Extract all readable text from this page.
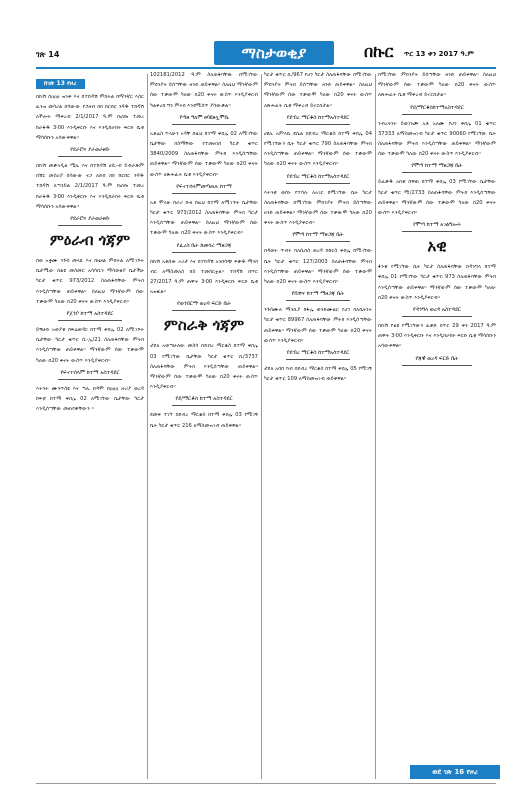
ገጽ 14	ማስታወቂያ	በኩር ጥር 13 ቀን 2017 ዓ.ም
ከገጽ 13 የዞረ

በኩሽ በዐዐዐ ዝንቅ እና በተከዳሽ ምክትል ከማንኛር እስር ፈንዝ መሳሪል በሳውው የጋዘብ ክክ ከርበር ንዳዱ ተከዳሽ ለችሎት ማቅረብ 2/1/2017 ዓ.ም በሆጡ ተመረ ከራፋዱ 3፡00 እንዲቀርቡ እና እንዲከራከሩ ፍርድ ቤቱ ማሳሰቡን አሳውቀዋል፡፡

የደራሮና ያራወራፀቡ

በኩሽ መቃላዲል ሜሊ እና በተከዳሽ ሀሲ-ብ ይብራጽም በሽር መስሪያ በሳውው ናጋ ለድበ ክክ ከርበር ንዳዱ ተከዳሽ ለጣንይል 2/1/2017 ዓ.ም በሆጡ ተመረ ከራፋዱ 3፡00 እንዲቀርቡ እና እንዲከራከሩ ፍርድ ቤቱ ማሳሰቡን አሳውቀዋል፡፡

የደራሮና ያራወራፀቡ
ምዕራብ ጎጃም

በወ አቋሙ ንጉስ መላዬ እና በዜናል ምክትል ለሚገኙት ቤታሚው በልዩ መስመር አሳሳቢን ማሳወቂያ ቤታችሁ ካርታ ቁጥር 973/2012 ስለጠፋባቸው ምትክ እንዲሰጣቸው ጠይቀዋል፡፡ ስለዚህ ማንኛውም ሰው ተቃውሞ ካለው በ20 ቀናት ውስጥ እንዲያቀርብ፡፡

የጀንቦ ከተማ አስተዳደር

ይኝሁድ አወያቱ በፍሬወዳር ከተማ ቀበሌ 02 ለሚገኙት ቤታቸው ካርታ ቁጥር ሲ-ኢ/21 ስለጠፋባቸው ምትክ እንዲሰጣቸው ጠይቀዋል፡፡ ማንኛውም ሰው ተቃውሞ ካለው በ20 ቀናት ውስጥ እንዲያቀርብ፡፡

የፍኖተሰላም ከተማ አስተዳደር

እትንት ሙንጥስዩ እና ጣሊ በዳሞ በዐዐዐ ዙሪያ ወረዳ ከፍቲ ከተማ ቀበሌ 02 ለሚገኘው ቤታቸው ካርታ እንዲሰጣቸው መጠየቃቸውን ፡፡

102181/2012 ዓ.ም ስለጠፋባቸው በሚገኘው ምክንያት ይሰጣቸው ዘንድ ጠይቀዋል፡፡ ስለዚህ ማንኛውም ሰው ተቃውሞ ካለው በ20 ቀናት ውስጥ እንዲያቀርብ ካልቀረበ ግን ምትክ እንደሚሰጥ ያሳውቃል፡፡

የጣዘ ዓለም ፀባዩፀሏሞቤ

አቶሬስ ጥላሁን ኦዳቸ በዚህ ከተማ ቀበሌ 02 ለሚገኘው ቤታቸው በስማቸው የተመዘገበ ካርታ ቁጥር 3840/2009 ስለጠፋባቸው ምትክ እንዲሰጣቸው ጠይቀዋል፡፡ ማንኛውም ሰው ተቃውሞ ካለው በ20 ቀናት ውስጥ ለጽሕፈት ቤቱ እንዲያቀርብ፡፡

የፍኖተሰላምመጣጠሉ ከተማ

አቶ ሞላሁ በራሪ ቡዘ በዚህ ከተማ ለሚገኙት ቤታቸው ካርታ ቁጥር 973/2012 ስለጠፋባቸው ምትክ ካርታ እንዲሰጣቸው ጠይቀዋል፡፡ ስለዚህ ማንኛውም ሰው ተቃውሞ ካለው በ20 ቀናት ውስጥ እንዲያቀርብ፡፡

የፈረስ ቤት ከመሳሪ ማዘጋጃ

በኩሽ አቶሰው ኦሪታ እና በተከዳሽ አንበሳጭ ፍቃዱ ማንክ ብር ለማስመለስ ክስ ተመስርቷል፡፡ ተከዳሽ በጥር 27/2017 ዓ.ም ጠዋት 3፡00 እንዲቀርቡ ፍርድ ቤቱ አዝዟል፡፡

የወንበርማ ወረዳ ፍርድ ቤት
ምስራቅ ጎጃም

ታደለ አወጣሁለው መስሳ በደብረ ማርቆስ ከተማ ቀበሌ 03 የሚገኘው ቤታቸው ካርታ ቁጥር ኪ/3737 ስለጠፋባቸው ምትክ እንዲሰጣቸው ጠይቀዋል፡፡ ማንኛውም ሰው ተቃውሞ ካለው በ20 ቀናት ውስጥ እንዲያቀርብ፡፡

የደ/ማርቆስ ከተማ አስተዳደር

ደመቀ ተገኘ በደብረ ማርቆስ ከተማ ቀበሌ 03 የሚገኝ ቤት ካርታ ቁጥር 216 ለማስመዝገብ ጠይቀዋል፡፡

ካርታ ቁጥር ኪ/967 የሆነ ካርታ ስለጠፋባቸው በሚገኘው ምክንያት ምትክ ይሰጣቸው ዘንድ ጠይቀዋል፡፡ ስለዚህ ማንኛውም ሰው ተቃውሞ ካለው በ20 ቀናት ውስጥ ለጽሕፈት ቤቱ ማቅረብ ይኖርበታል፡፡

የደብረ ማርቆስ ከተማአስተዳደር

ሀዩሊ አምላኬ ደሴል በደብረ ማርቆስ ከተማ ቀበሌ 04 የሚገኘውን ቤት ካርታ ቁጥር 790 ስለጠፋባቸው ምትክ እንዲሰጣቸው ጠይቀዋል፡፡ ማንኛውም ሰው ተቃውሞ ካለው በ20 ቀናት ውስጥ እንዲያቀርብ፡፡

የደብረ ማርቆስ ከተማአስተዳደር

እትንቱ ወሰኑ የተሳሉ ለአገር ከሚገኘው ቤት ካርታ ስለጠፋባቸው በሚገኘው ምክንያት ምትክ ይሰጣቸው ዘንድ ጠይቀዋል፡፡ ማንኛውም ሰው ተቃውሞ ካለው በ20 ቀናት ውስጥ እንዲያቀርብ፡፡

የሞጣ ከተማ ማዘጋጃ ቤት

በዳወት ጥብሩ ባለሲበስ ወረዳ በከርስ ቀበሌ ከሚገኘው ቤት ካርታ ቁጥር 127/2003 ስለጠፋባቸው ምትክ እንዲሰጣቸው ጠይቀዋል፡፡ ማንኛውም ሰው ተቃውሞ ካለው በ20 ቀናት ውስጥ እንዲያቀርብ፡፡

የቢቸና ከተማ ማዘጋጃ ቤት

ንጉሰሙሉ ማንኪያ ከፋሌ ወንድሙልር የሆነ ባለቤትነት ካርታ ቁጥር 89967 ስለጠፋባቸው ምትክ እንዲሰጣቸው ጠይቀዋል፡፡ ማንኛውም ሰው ተቃውሞ ካለው በ20 ቀናት ውስጥ እንዲያቀርብ፡፡

የደብረ ማርቆስ ከተማአስተዳደር

ታደለ አበበ ባብ በደብረ ማርቆስ ከተማ ቀበሌ 05 የሚገኝ ካርታ ቁጥር 109 ለማስመዝገብ ጠይቀዋል፡፡

በሚገኘው ምክንያት ይሰጣቸው ዘንድ ጠይቀዋል፡፡ ስለዚህ ማንኛውም ሰው ተቃውሞ ካለው በ20 ቀናት ውስጥ ለጽሕፈት ቤቱ ማቅረብ ይኖርበታል፡፡

የደ/ማርቆስከተማአስተዳደር

ንብረትነት ይወገንጮ አቶ አለሙ የሆነ ቀበሌ 01 ቁጥር 37333 ለማስመዝገብ ካርታ ቁጥር 90060 የሚገኘው ቤት ስለጠፋባቸው ምትክ እንዲሰጣቸው ጠይቀዋል፡፡ ማንኛውም ሰው ተቃውሞ ካለው በ20 ቀናት ውስጥ እንዲያቀርብ፡፡

የሞጣ ከተማ ማዘጋጃ ቤት

ይፈቃዱ አበቱ በዋጠ ከተማ ቀበሌ 03 የሚገኘው ቤታቸው ካርታ ቁጥር ሚ/2733 ስለጠፋባቸው ምትክ እንዲሰጣቸው ጠይቀዋል፡፡ ማንኛውም ሰው ተቃውሞ ካለው በ20 ቀናት ውስጥ እንዲያቀርብ፡፡

የሞጣ ከተማ አገልግሎት
አዊ

ፋንቱ የሚገኘው ቤት ካርታ ስለጠፋባቸው በዳንግላ ከተማ ቀበሌ 01 የሚገኘው ካርታ ቁጥር 973 ስለጠፋባቸው ምትክ እንዲሰጣቸው ጠይቀዋል፡፡ ማንኛውም ሰው ተቃውሞ ካለው በ20 ቀናት ውስጥ እንዲያቀርብ፡፡

የዳንግላ ወረዳ አስተዳደር

በኩሽ የልዩ የሚገኘውን ፈቃድ በጥር 29 ቀን 2017 ዓ.ም ጠዋት 3፡00 እንዲቀርቡ እና እንዲከራከሩ ፍርድ ቤቱ ማሳሰቡን አሳውቀዋል፡፡

የጃዊ ወረዳ ፍርድ ቤት
ወደ ገጽ 16 የዞረ
